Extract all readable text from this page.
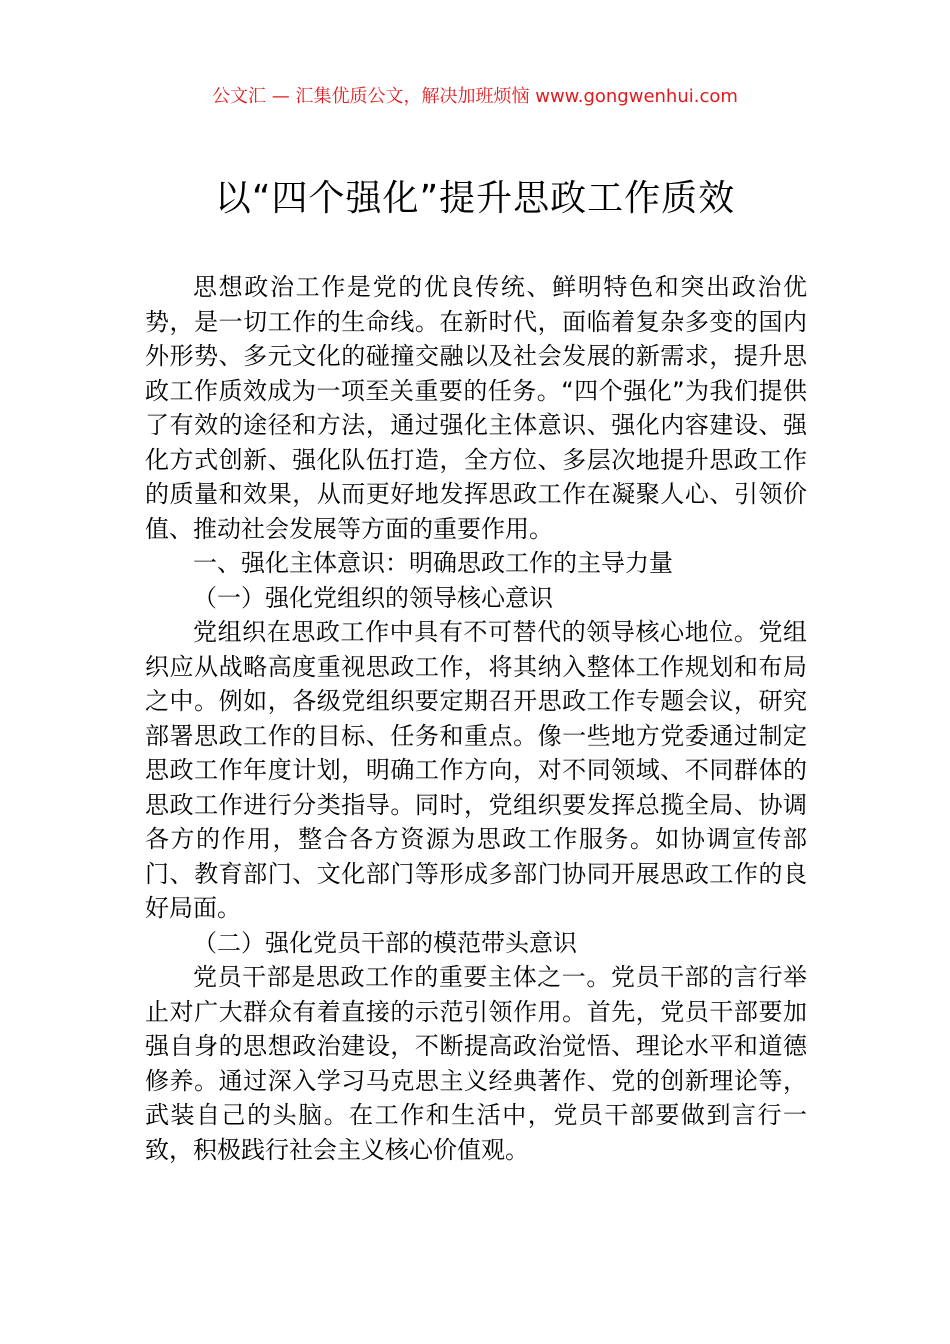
公文汇 — 汇集优质公文，解决加班烦恼 www.gongwenhui.com
以“四个强化”提升思政工作质效

思想政治工作是党的优良传统、鲜明特色和突出政治优势，是一切工作的生命线。在新时代，面临着复杂多变的国内外形势、多元文化的碰撞交融以及社会发展的新需求，提升思政工作质效成为一项至关重要的任务。“四个强化”为我们提供了有效的途径和方法，通过强化主体意识、强化内容建设、强化方式创新、强化队伍打造，全方位、多层次地提升思政工作的质量和效果，从而更好地发挥思政工作在凝聚人心、引领价值、推动社会发展等方面的重要作用。

一、强化主体意识：明确思政工作的主导力量

（一）强化党组织的领导核心意识

党组织在思政工作中具有不可替代的领导核心地位。党组织应从战略高度重视思政工作，将其纳入整体工作规划和布局之中。例如，各级党组织要定期召开思政工作专题会议，研究部署思政工作的目标、任务和重点。像一些地方党委通过制定思政工作年度计划，明确工作方向，对不同领域、不同群体的思政工作进行分类指导。同时，党组织要发挥总揽全局、协调各方的作用，整合各方资源为思政工作服务。如协调宣传部门、教育部门、文化部门等形成多部门协同开展思政工作的良好局面。

（二）强化党员干部的模范带头意识

党员干部是思政工作的重要主体之一。党员干部的言行举止对广大群众有着直接的示范引领作用。首先，党员干部要加强自身的思想政治建设，不断提高政治觉悟、理论水平和道德修养。通过深入学习马克思主义经典著作、党的创新理论等，武装自己的头脑。在工作和生活中，党员干部要做到言行一致，积极践行社会主义核心价值观。
